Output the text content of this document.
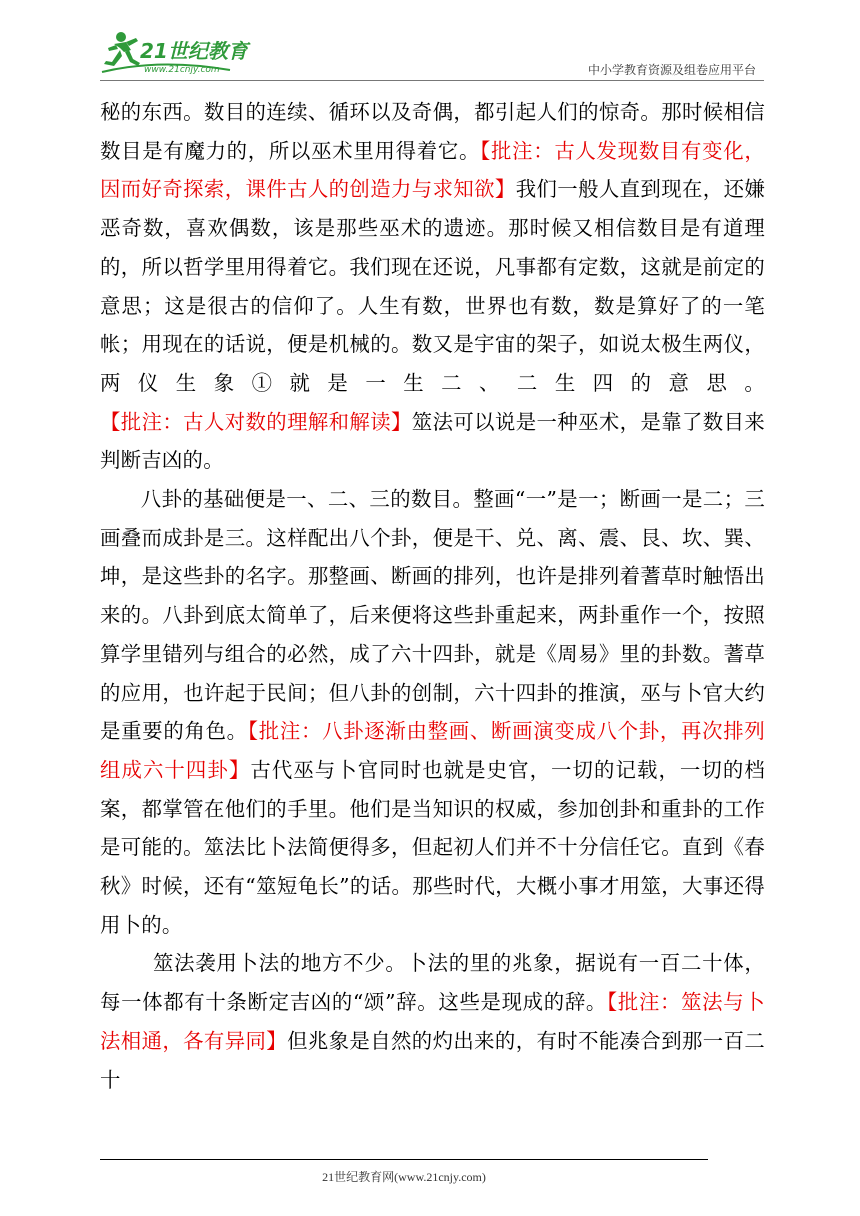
21世纪教育
www.21cnjy.com	中小学教育资源及组卷应用平台

秘的东西。数目的连续、循环以及奇偶，都引起人们的惊奇。那时候相信数目是有魔力的，所以巫术里用得着它。【批注：古人发现数目有变化，因而好奇探索，课件古人的创造力与求知欲】我们一般人直到现在，还嫌恶奇数，喜欢偶数，该是那些巫术的遗迹。那时候又相信数目是有道理的，所以哲学里用得着它。我们现在还说，凡事都有定数，这就是前定的意思；这是很古的信仰了。人生有数，世界也有数，数是算好了的一笔帐；用现在的话说，便是机械的。数又是宇宙的架子，如说太极生两仪，两仪生象①就是一生二、二生四的意思。【批注：古人对数的理解和解读】筮法可以说是一种巫术，是靠了数目来判断吉凶的。

八卦的基础便是一、二、三的数目。整画“一”是一；断画一是二；三画叠而成卦是三。这样配出八个卦，便是干、兑、离、震、艮、坎、巽、坤，是这些卦的名字。那整画、断画的排列，也许是排列着蓍草时触悟出来的。八卦到底太简单了，后来便将这些卦重起来，两卦重作一个，按照算学里错列与组合的必然，成了六十四卦，就是《周易》里的卦数。蓍草的应用，也许起于民间；但八卦的创制，六十四卦的推演，巫与卜官大约是重要的角色。【批注：八卦逐渐由整画、断画演变成八个卦，再次排列组成六十四卦】古代巫与卜官同时也就是史官，一切的记载，一切的档案，都掌管在他们的手里。他们是当知识的权威，参加创卦和重卦的工作是可能的。筮法比卜法简便得多，但起初人们并不十分信任它。直到《春秋》时候，还有“筮短龟长”的话。那些时代，大概小事才用筮，大事还得用卜的。

筮法袭用卜法的地方不少。卜法的里的兆象，据说有一百二十体，每一体都有十条断定吉凶的“颂”辞。这些是现成的辞。【批注：筮法与卜法相通，各有异同】但兆象是自然的灼出来的，有时不能凑合到那一百二十

21世纪教育网(www.21cnjy.com)
